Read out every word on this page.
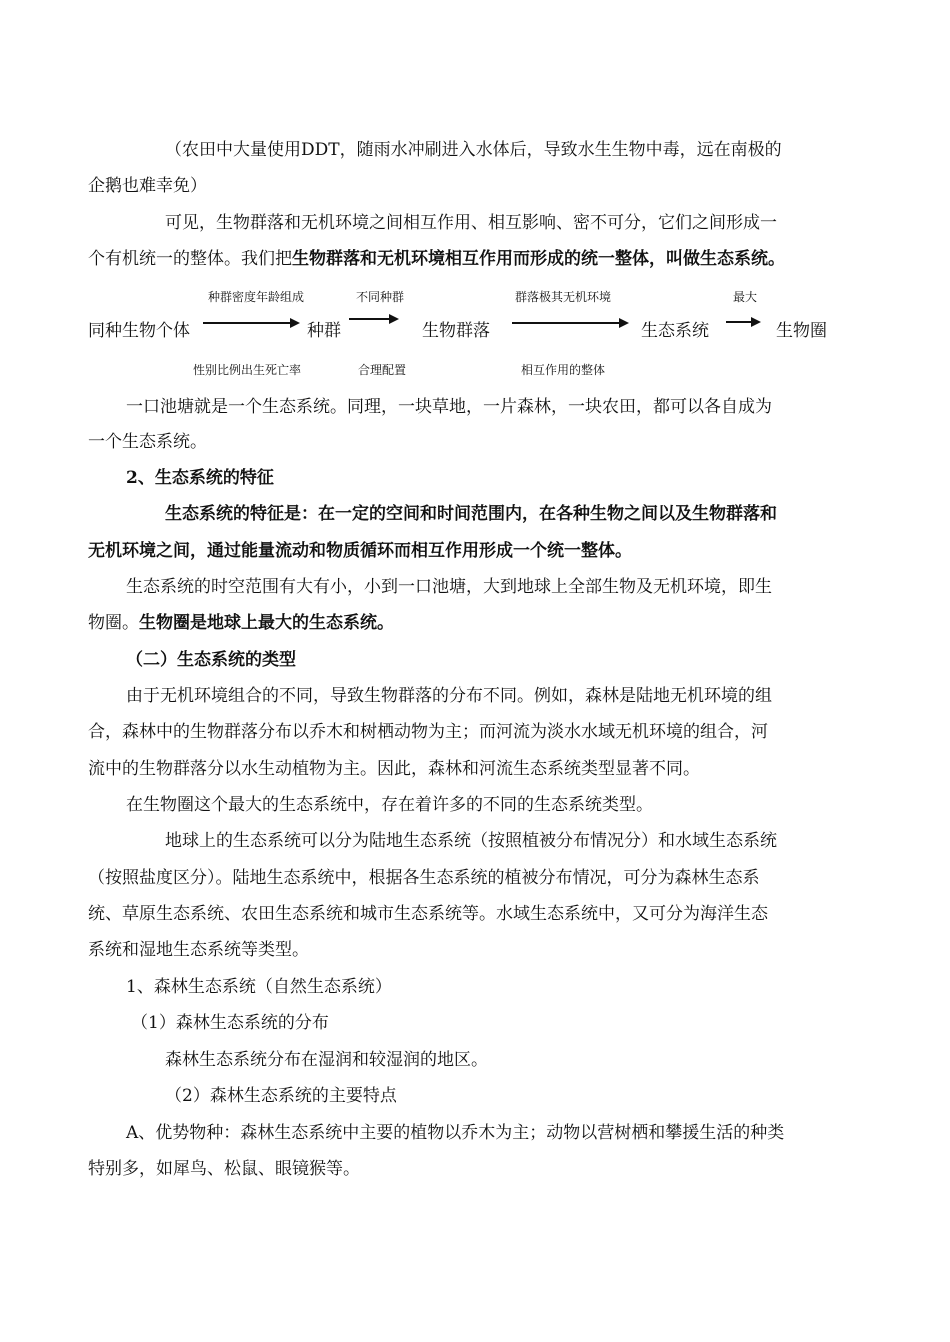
（农田中大量使用DDT，随雨水冲刷进入水体后，导致水生生物中毒，远在南极的
企鹅也难幸免）
可见，生物群落和无机环境之间相互作用、相互影响、密不可分，它们之间形成一
个有机统一的整体。我们把生物群落和无机环境相互作用而形成的统一整体，叫做生态系统。
种群密度年龄组成	不同种群	群落极其无机环境	最大
同种生物个体	种群	生物群落	生态系统	生物圈
性别比例出生死亡率	合理配置	相互作用的整体
一口池塘就是一个生态系统。同理，一块草地，一片森林，一块农田，都可以各自成为
一个生态系统。
2、生态系统的特征
生态系统的特征是：在一定的空间和时间范围内，在各种生物之间以及生物群落和
无机环境之间，通过能量流动和物质循环而相互作用形成一个统一整体。
生态系统的时空范围有大有小，小到一口池塘，大到地球上全部生物及无机环境，即生
物圈。生物圈是地球上最大的生态系统。
（二）生态系统的类型
由于无机环境组合的不同，导致生物群落的分布不同。例如，森林是陆地无机环境的组
合，森林中的生物群落分布以乔木和树栖动物为主；而河流为淡水水域无机环境的组合，河
流中的生物群落分以水生动植物为主。因此，森林和河流生态系统类型显著不同。
在生物圈这个最大的生态系统中，存在着许多的不同的生态系统类型。
地球上的生态系统可以分为陆地生态系统（按照植被分布情况分）和水域生态系统
（按照盐度区分）。陆地生态系统中，根据各生态系统的植被分布情况，可分为森林生态系
统、草原生态系统、农田生态系统和城市生态系统等。水域生态系统中，又可分为海洋生态
系统和湿地生态系统等类型。
1、森林生态系统（自然生态系统）
（1）森林生态系统的分布
森林生态系统分布在湿润和较湿润的地区。
（2）森林生态系统的主要特点
A、优势物种：森林生态系统中主要的植物以乔木为主；动物以营树栖和攀援生活的种类
特别多，如犀鸟、松鼠、眼镜猴等。
